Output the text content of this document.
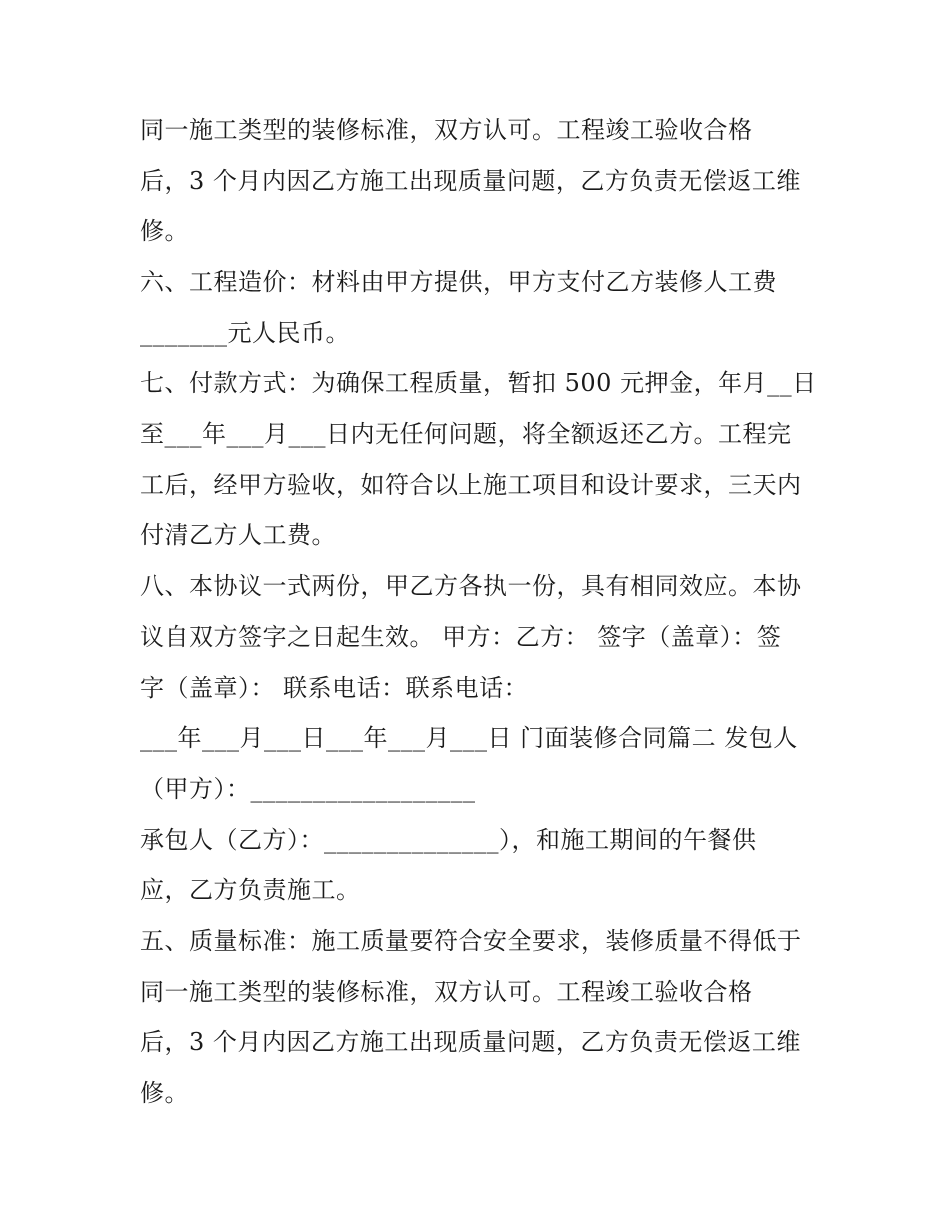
同一施工类型的装修标准，双方认可。工程竣工验收合格
后，3 个月内因乙方施工出现质量问题，乙方负责无偿返工维
修。
六、工程造价：材料由甲方提供，甲方支付乙方装修人工费
_______元人民币。
七、付款方式：为确保工程质量，暂扣 500 元押金，年月__日
至___年___月___日内无任何问题，将全额返还乙方。工程完
工后，经甲方验收，如符合以上施工项目和设计要求，三天内
付清乙方人工费。
八、本协议一式两份，甲乙方各执一份，具有相同效应。本协
议自双方签字之日起生效。 甲方：乙方： 签字（盖章）：签
字（盖章）： 联系电话：联系电话：
___年___月___日___年___月___日 门面装修合同篇二 发包人
（甲方）：__________________
承包人（乙方）：______________），和施工期间的午餐供
应，乙方负责施工。
五、质量标准：施工质量要符合安全要求，装修质量不得低于
同一施工类型的装修标准，双方认可。工程竣工验收合格
后，3 个月内因乙方施工出现质量问题，乙方负责无偿返工维
修。
